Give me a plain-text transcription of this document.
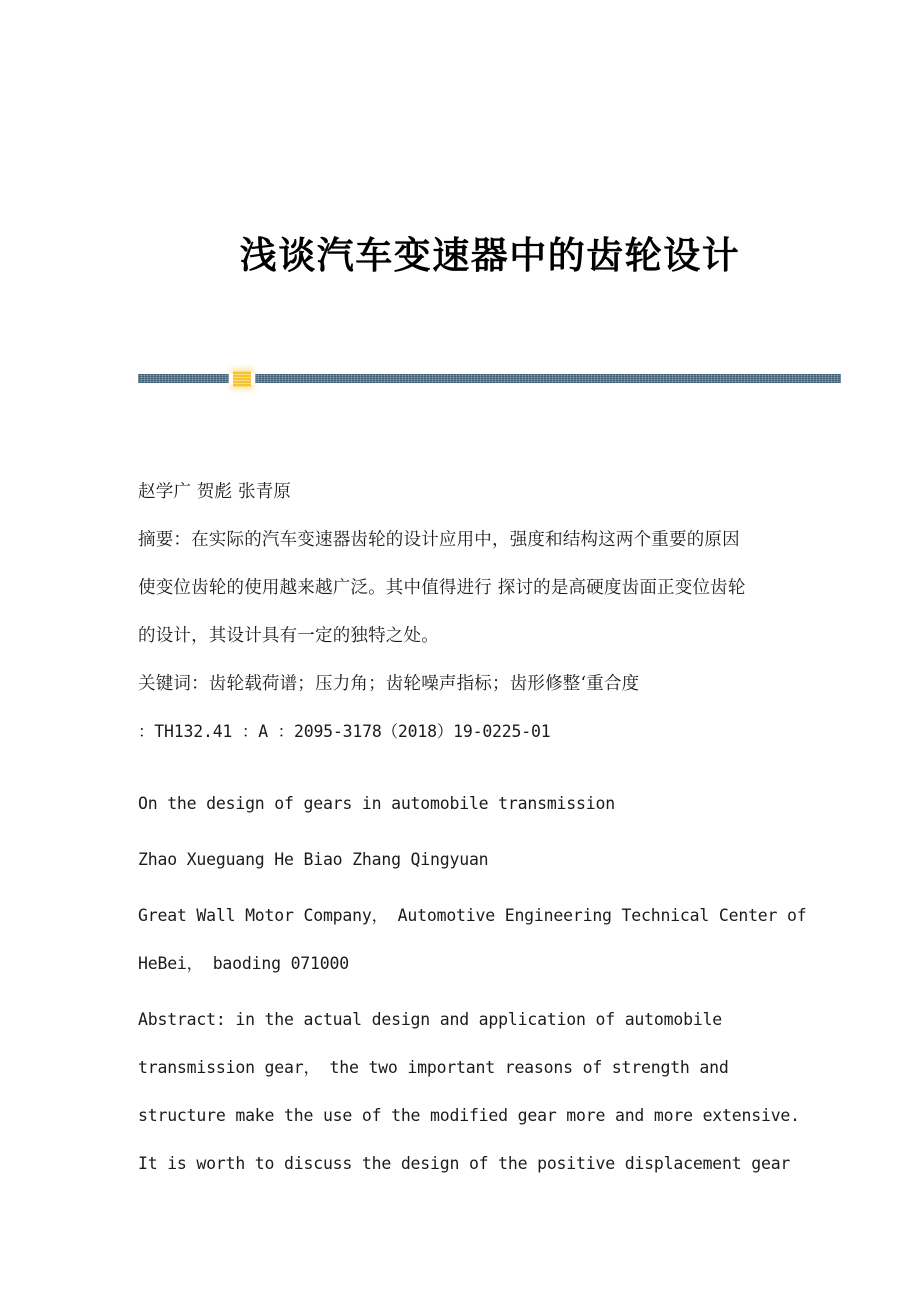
浅谈汽车变速器中的齿轮设计
赵学广 贺彪 张青原
摘要：在实际的汽车变速器齿轮的设计应用中，强度和结构这两个重要的原因
使变位齿轮的使用越来越广泛。其中值得进行 探讨的是高硬度齿面正变位齿轮
的设计，其设计具有一定的独特之处。
关键词：齿轮载荷谱；压力角；齿轮噪声指标；齿形修整‘重合度
：TH132.41 ：A ：2095-3178（2018）19-0225-01
On the design of gears in automobile transmission
Zhao Xueguang He Biao Zhang Qingyuan
Great Wall Motor Company， Automotive Engineering Technical Center of
HeBei， baoding 071000
Abstract: in the actual design and application of automobile
transmission gear， the two important reasons of strength and
structure make the use of the modified gear more and more extensive.
It is worth to discuss the design of the positive displacement gear
